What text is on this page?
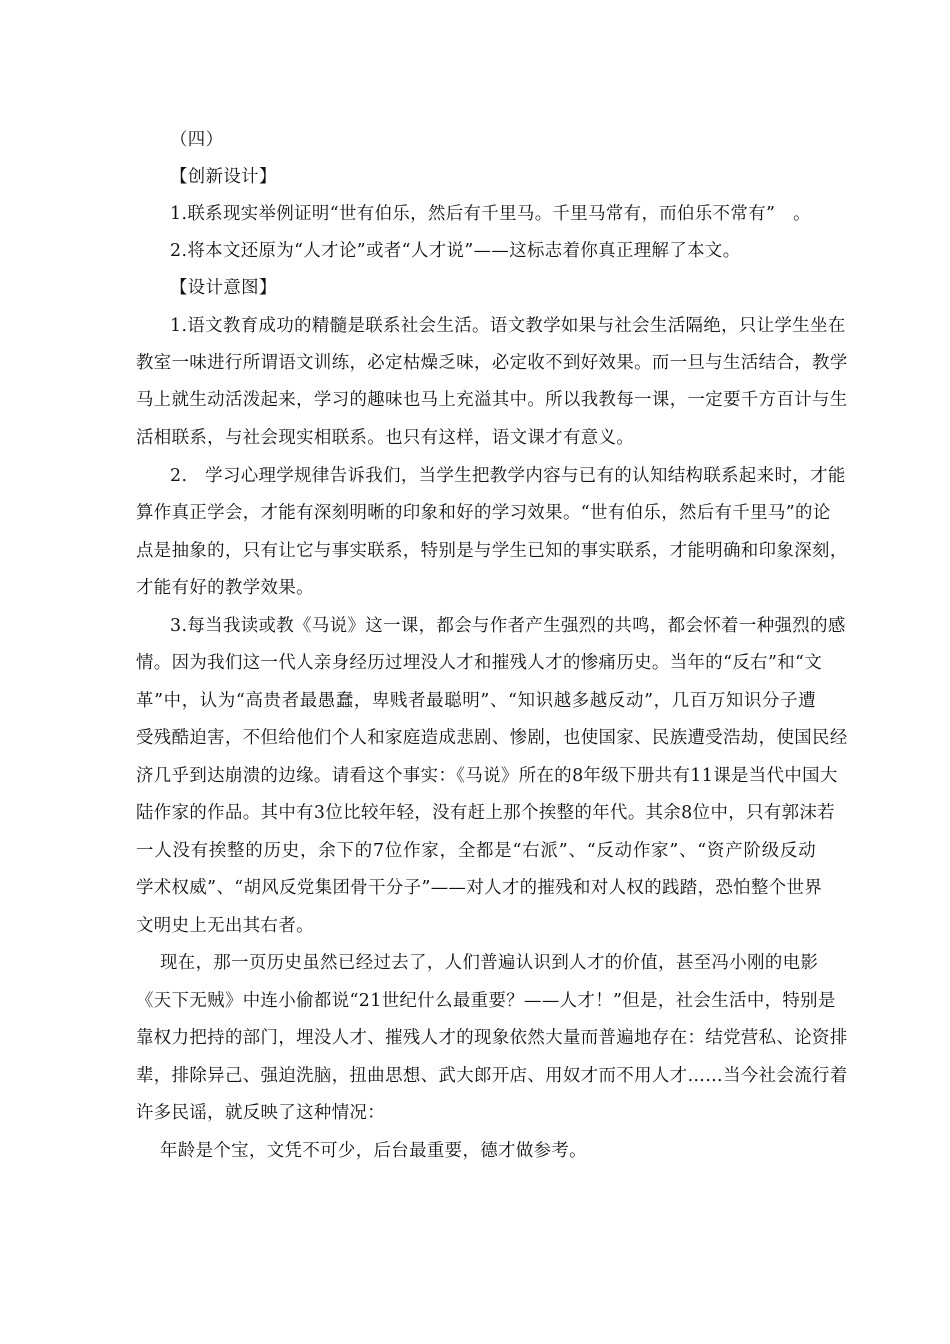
（四）
【创新设计】
1.联系现实举例证明“世有伯乐，然后有千里马。千里马常有，而伯乐不常有”　。
2.将本文还原为“人才论”或者“人才说”——这标志着你真正理解了本文。
【设计意图】
1.语文教育成功的精髓是联系社会生活。语文教学如果与社会生活隔绝，只让学生坐在
教室一味进行所谓语文训练，必定枯燥乏味，必定收不到好效果。而一旦与生活结合，教学
马上就生动活泼起来，学习的趣味也马上充溢其中。所以我教每一课，一定要千方百计与生
活相联系，与社会现实相联系。也只有这样，语文课才有意义。
2.　学习心理学规律告诉我们，当学生把教学内容与已有的认知结构联系起来时，才能
算作真正学会，才能有深刻明晰的印象和好的学习效果。“世有伯乐，然后有千里马”的论
点是抽象的，只有让它与事实联系，特别是与学生已知的事实联系，才能明确和印象深刻，
才能有好的教学效果。
3.每当我读或教《马说》这一课，都会与作者产生强烈的共鸣，都会怀着一种强烈的感
情。因为我们这一代人亲身经历过埋没人才和摧残人才的惨痛历史。当年的“反右”和“文
革”中，认为“高贵者最愚蠢，卑贱者最聪明”、“知识越多越反动”，几百万知识分子遭
受残酷迫害，不但给他们个人和家庭造成悲剧、惨剧，也使国家、民族遭受浩劫，使国民经
济几乎到达崩溃的边缘。请看这个事实：《马说》所在的8年级下册共有11课是当代中国大
陆作家的作品。其中有3位比较年轻，没有赶上那个挨整的年代。其余8位中，只有郭沫若
一人没有挨整的历史，余下的7位作家，全都是“右派”、“反动作家”、“资产阶级反动
学术权威”、“胡风反党集团骨干分子”——对人才的摧残和对人权的践踏，恐怕整个世界
文明史上无出其右者。
现在，那一页历史虽然已经过去了，人们普遍认识到人才的价值，甚至冯小刚的电影
《天下无贼》中连小偷都说“21世纪什么最重要？——人才！”但是，社会生活中，特别是
靠权力把持的部门，埋没人才、摧残人才的现象依然大量而普遍地存在：结党营私、论资排
辈，排除异己、强迫洗脑，扭曲思想、武大郎开店、用奴才而不用人才……当今社会流行着
许多民谣，就反映了这种情况：
年龄是个宝，文凭不可少，后台最重要，德才做参考。
